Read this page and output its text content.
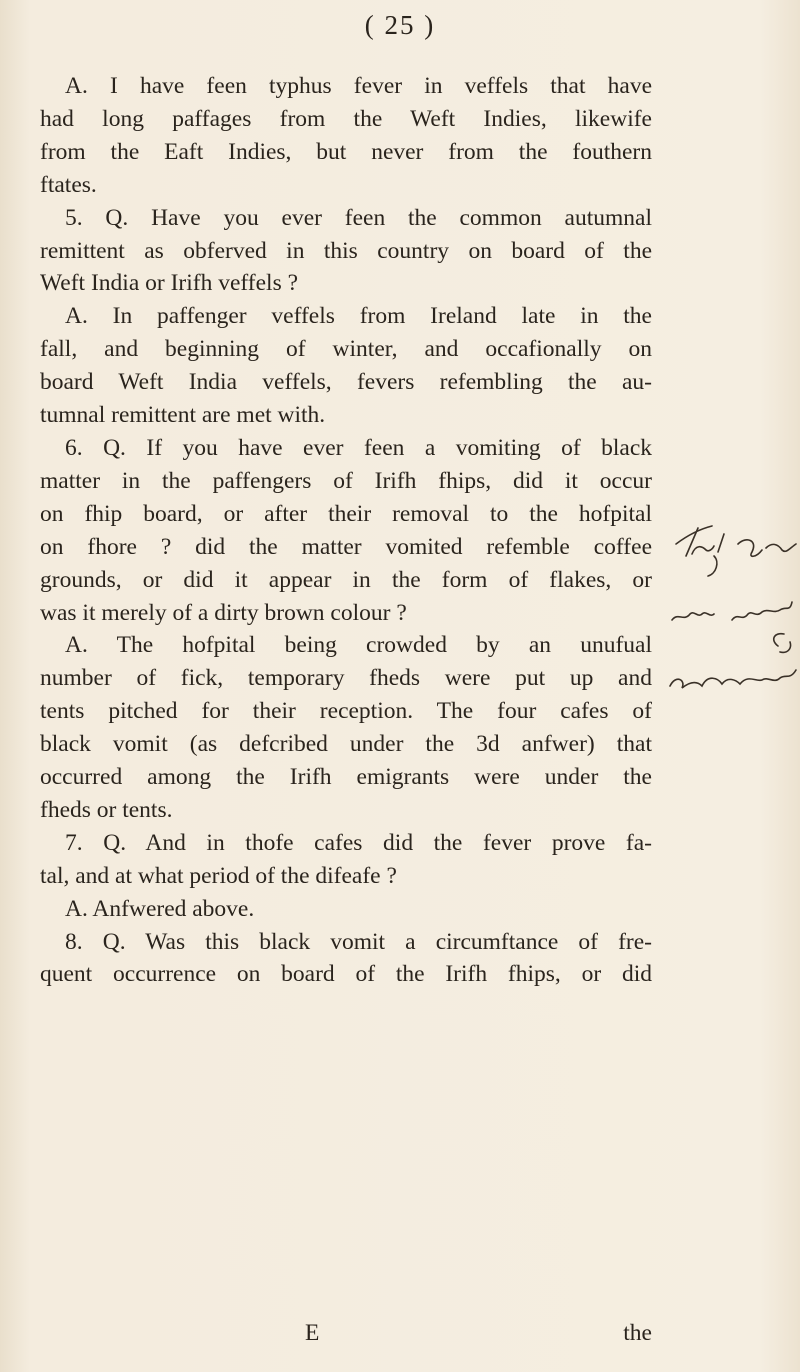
( 25 )
A. I have feen typhus fever in veffels that have
had long paffages from the Weft Indies, likewife
from the Eaft Indies, but never from the fouthern
ftates.
5. Q. Have you ever feen the common autumnal
remittent as obferved in this country on board of the
Weft India or Irifh veffels ?
A. In paffenger veffels from Ireland late in the
fall, and beginning of winter, and occafionally on
board Weft India veffels, fevers refembling the au-
tumnal remittent are met with.
6. Q. If you have ever feen a vomiting of black
matter in the paffengers of Irifh fhips, did it occur
on fhip board, or after their removal to the hofpital
on fhore ? did the matter vomited refemble coffee
grounds, or did it appear in the form of flakes, or
was it merely of a dirty brown colour ?
A. The hofpital being crowded by an unufual
number of fick, temporary fheds were put up and
tents pitched for their reception. The four cafes of
black vomit (as defcribed under the 3d anfwer) that
occurred among the Irifh emigrants were under the
fheds or tents.
7. Q. And in thofe cafes did the fever prove fa-
tal, and at what period of the difeafe ?
A. Anfwered above.
8. Q. Was this black vomit a circumftance of fre-
quent occurrence on board of the Irifh fhips, or did
E	the
